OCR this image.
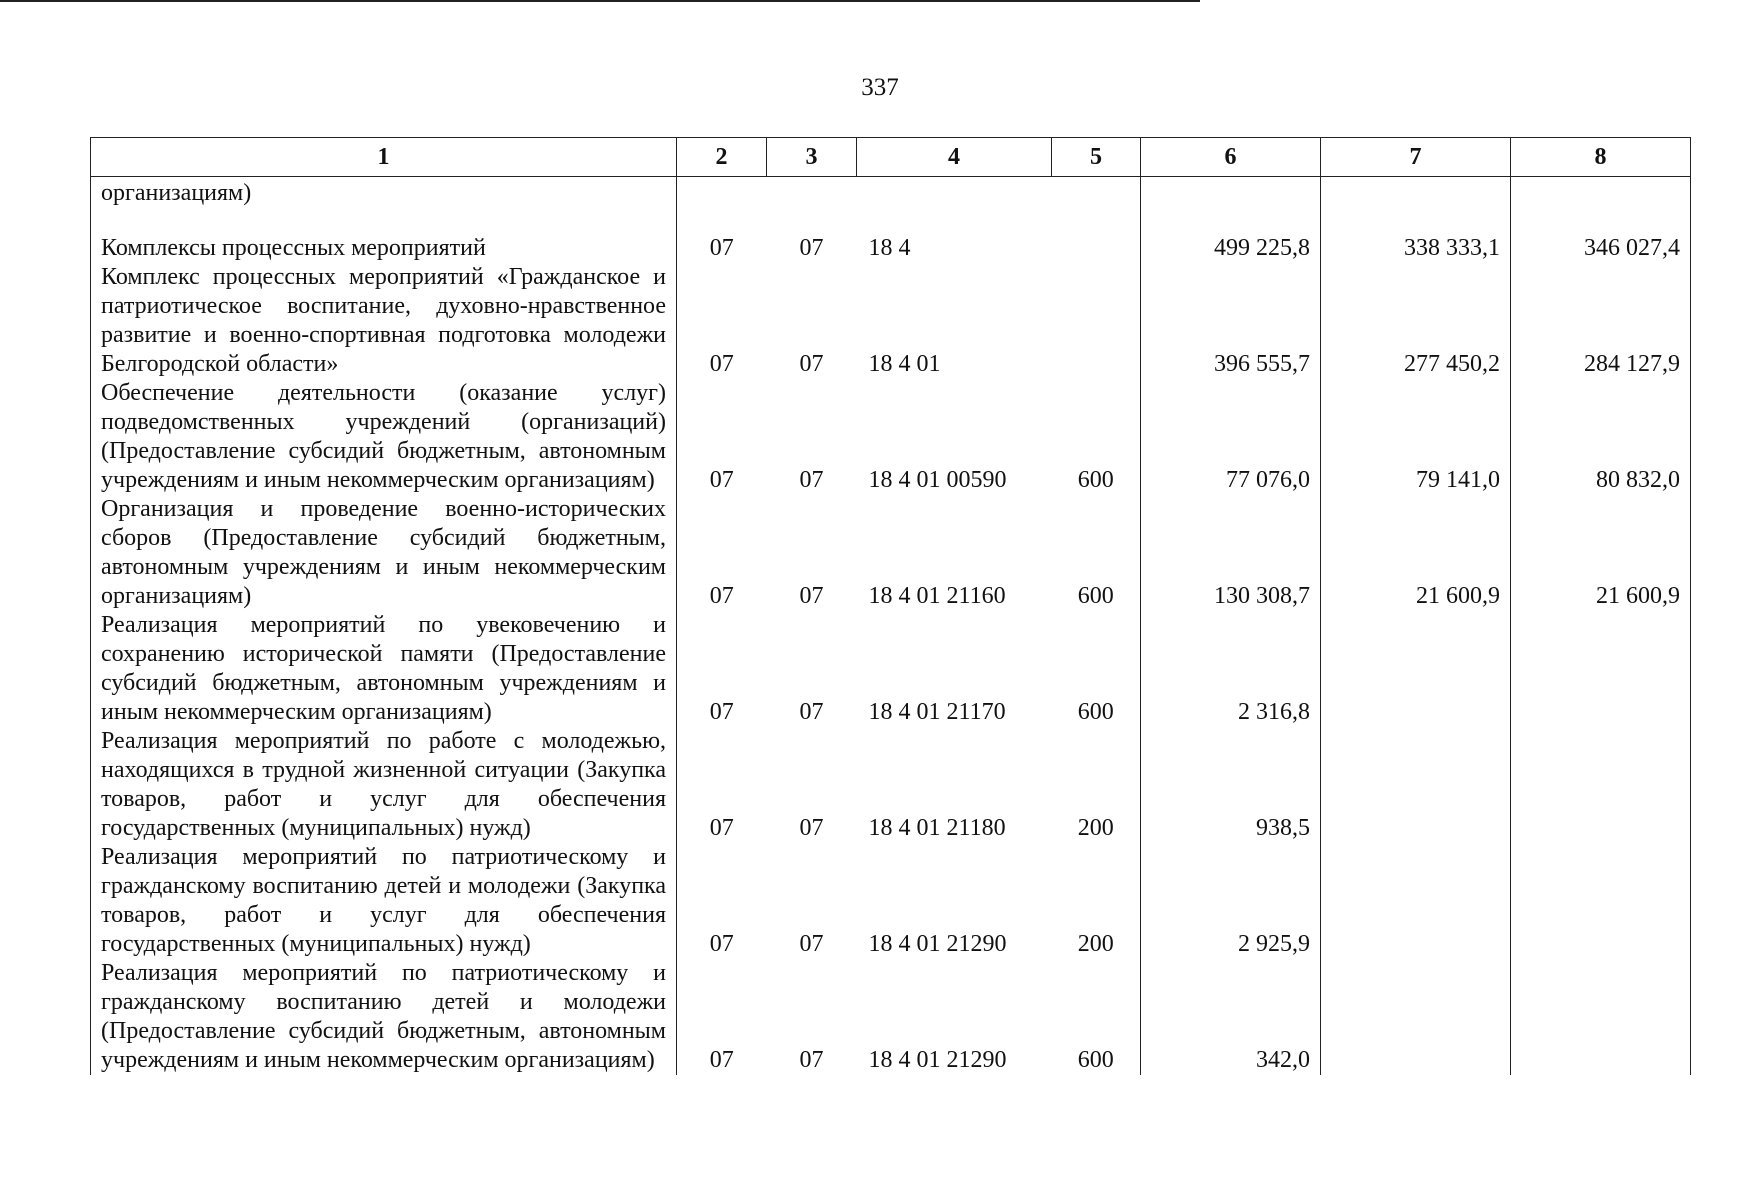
337
1	2	3	4	5	6	7	8
организациям)							

Комплексы процессных мероприятий	07	07	18 4		499 225,8	338 333,1	346 027,4
Комплекс процессных мероприятий «Гражданское и патриотическое воспитание, духовно-нравственное развитие и военно-спортивная подготовка молодежи Белгородской области»	07	07	18 4 01		396 555,7	277 450,2	284 127,9
Обеспечение деятельности (оказание услуг) подведомственных учреждений (организаций) (Предоставление субсидий бюджетным, автономным учреждениям и иным некоммерческим организациям)	07	07	18 4 01 00590	600	77 076,0	79 141,0	80 832,0
Организация и проведение военно-исторических сборов (Предоставление субсидий бюджетным, автономным учреждениям и иным некоммерческим организациям)	07	07	18 4 01 21160	600	130 308,7	21 600,9	21 600,9
Реализация мероприятий по увековечению и сохранению исторической памяти (Предоставление субсидий бюджетным, автономным учреждениям и иным некоммерческим организациям)	07	07	18 4 01 21170	600	2 316,8		
Реализация мероприятий по работе с молодежью, находящихся в трудной жизненной ситуации (Закупка товаров, работ и услуг для обеспечения государственных (муниципальных) нужд)	07	07	18 4 01 21180	200	938,5		
Реализация мероприятий по патриотическому и гражданскому воспитанию детей и молодежи (Закупка товаров, работ и услуг для обеспечения государственных (муниципальных) нужд)	07	07	18 4 01 21290	200	2 925,9		
Реализация мероприятий по патриотическому и гражданскому воспитанию детей и молодежи (Предоставление субсидий бюджетным, автономным учреждениям и иным некоммерческим организациям)	07	07	18 4 01 21290	600	342,0		
